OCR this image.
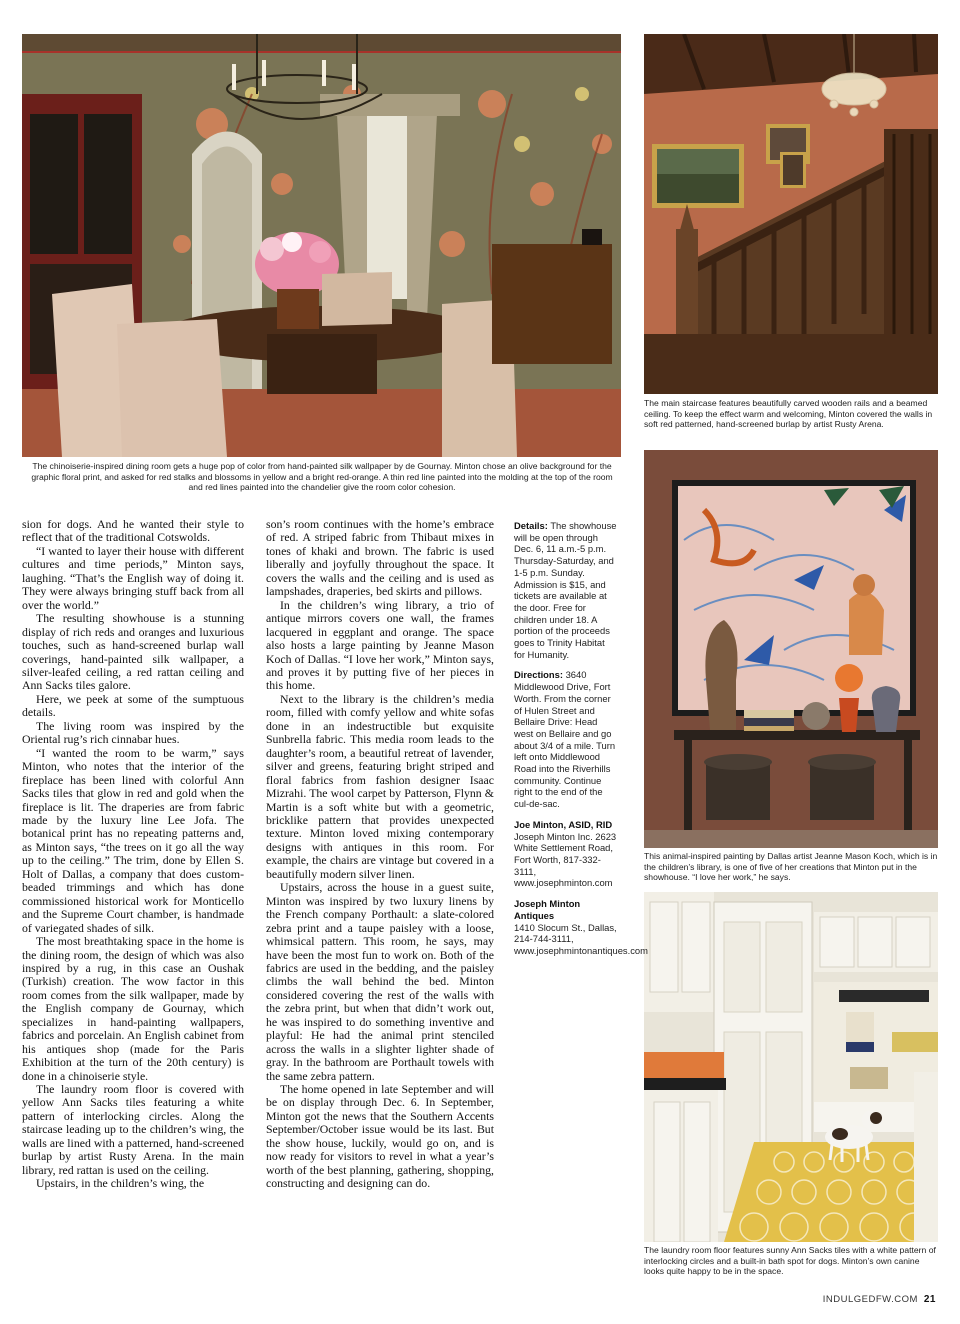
The chinoiserie-inspired dining room gets a huge pop of color from hand-painted silk wallpaper by de Gournay. Minton chose an olive background for the graphic floral print, and asked for red stalks and blossoms in yellow and a bright red-orange. A thin red line painted into the molding at the top of the room and red lines painted into the chandelier give the room color cohesion.

The main staircase features beautifully carved wooden rails and a beamed ceiling. To keep the effect warm and welcoming, Minton covered the walls in soft red patterned, hand-screened burlap by artist Rusty Arena.

This animal-inspired painting by Dallas artist Jeanne Mason Koch, which is in the children’s library, is one of five of her creations that Minton put in the showhouse. “I love her work,” he says.

The laundry room floor features sunny Ann Sacks tiles with a white pattern of interlocking circles and a built-in bath spot for dogs. Minton’s own canine looks quite happy to be in the space.

sion for dogs. And he wanted their style to reflect that of the traditional Cotswolds.

“I wanted to layer their house with different cultures and time periods,” Minton says, laughing. “That’s the English way of doing it. They were always bringing stuff back from all over the world.”

The resulting showhouse is a stunning display of rich reds and oranges and luxurious touches, such as hand-screened burlap wall coverings, hand-painted silk wallpaper, a silver-leafed ceiling, a red rattan ceiling and Ann Sacks tiles galore.

Here, we peek at some of the sumptuous details.

The living room was inspired by the Oriental rug’s rich cinnabar hues.

“I wanted the room to be warm,” says Minton, who notes that the interior of the fireplace has been lined with colorful Ann Sacks tiles that glow in red and gold when the fireplace is lit. The draperies are from fabric made by the luxury line Lee Jofa. The botanical print has no repeating patterns and, as Minton says, “the trees on it go all the way up to the ceiling.” The trim, done by Ellen S. Holt of Dallas, a company that does custom-beaded trimmings and which has done commissioned historical work for Monticello and the Supreme Court chamber, is handmade of variegated shades of silk.

The most breathtaking space in the home is the dining room, the design of which was also inspired by a rug, in this case an Oushak (Turkish) creation. The wow factor in this room comes from the silk wallpaper, made by the English company de Gournay, which specializes in hand-painting wallpapers, fabrics and porcelain. An English cabinet from his antiques shop (made for the Paris Exhibition at the turn of the 20th century) is done in a chinoiserie style.

The laundry room floor is covered with yellow Ann Sacks tiles featuring a white pattern of interlocking circles. Along the staircase leading up to the children’s wing, the walls are lined with a patterned, hand-screened burlap by artist Rusty Arena. In the main library, red rattan is used on the ceiling.

Upstairs, in the children’s wing, the

son’s room continues with the home’s embrace of red. A striped fabric from Thibaut mixes in tones of khaki and brown. The fabric is used liberally and joyfully throughout the space. It covers the walls and the ceiling and is used as lampshades, draperies, bed skirts and pillows.

In the children’s wing library, a trio of antique mirrors covers one wall, the frames lacquered in eggplant and orange. The space also hosts a large painting by Jeanne Mason Koch of Dallas. “I love her work,” Minton says, and proves it by putting five of her pieces in this home.

Next to the library is the children’s media room, filled with comfy yellow and white sofas done in an indestructible but exquisite Sunbrella fabric. This media room leads to the daughter’s room, a beautiful retreat of lavender, silver and greens, featuring bright striped and floral fabrics from fashion designer Isaac Mizrahi. The wool carpet by Patterson, Flynn & Martin is a soft white but with a geometric, bricklike pattern that provides unexpected texture. Minton loved mixing contemporary designs with antiques in this room. For example, the chairs are vintage but covered in a beautifully modern silver linen.

Upstairs, across the house in a guest suite, Minton was inspired by two luxury linens by the French company Porthault: a slate-colored zebra print and a taupe paisley with a loose, whimsical pattern. This room, he says, may have been the most fun to work on. Both of the fabrics are used in the bedding, and the paisley climbs the wall behind the bed. Minton considered covering the rest of the walls with the zebra print, but when that didn’t work out, he was inspired to do something inventive and playful: He had the animal print stenciled across the walls in a slighter lighter shade of gray. In the bathroom are Porthault towels with the same zebra pattern.

The home opened in late September and will be on display through Dec. 6. In September, Minton got the news that the Southern Accents September/October issue would be its last. But the show house, luckily, would go on, and is now ready for visitors to revel in what a year’s worth of the best planning, gathering, shopping, constructing and designing can do.

Details: The showhouse will be open through Dec. 6, 11 a.m.-5 p.m. Thursday-Saturday, and 1-5 p.m. Sunday. Admission is $15, and tickets are available at the door. Free for children under 18. A portion of the proceeds goes to Trinity Habitat for Humanity.

Directions: 3640 Middlewood Drive, Fort Worth. From the corner of Hulen Street and Bellaire Drive: Head west on Bellaire and go about 3/4 of a mile. Turn left onto Middlewood Road into the Riverhills community. Continue right to the end of the cul-de-sac.

Joe Minton, ASID, RID
Joseph Minton Inc. 2623 White Settlement Road, Fort Worth, 817-332-3111, www.josephminton.com

Joseph Minton Antiques
1410 Slocum St., Dallas, 214-744-3111, www.josephmintonantiques.com

INDULGEDFW.COM 21
